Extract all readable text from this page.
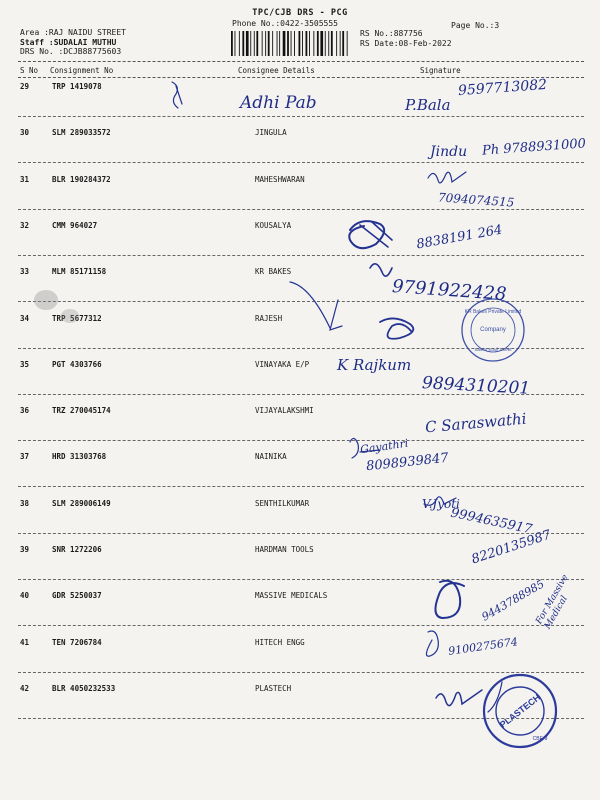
TPC/CJB DRS - PCG
Phone No.:0422-3505555	Page No.:3
Area :RAJ NAIDU STREET
Staff :SUDALAI MUTHU
DRS No. :DCJB88775603
RS No.:887756
RS Date:08-Feb-2022
S No Consignment No	Consignee Details	Signature
29	TRP 1419078
30	SLM 289033572	JINGULA
31	BLR 190284372	MAHESHWARAN
32	CMM 964027	KOUSALYA
33	MLM 85171158	KR BAKES
34	TRP 5677312	RAJESH
35	PGT 4303766	VINAYAKA E/P
36	TRZ 270045174	VIJAYALAKSHMI
37	HRD 31303768	NAINIKA
38	SLM 289006149	SENTHILKUMAR
39	SNR 1272206	HARDMAN TOOLS
40	GDR 5250037	MASSIVE MEDICALS
41	TEN 7206784	HITECH ENGG
42	BLR 4050232533	PLASTECH
KR Bakes Private Limited
Company
Salem Kovil Street
PLASTECH
CBE-9
Adhi Pab	P.Bala
9597713082
Jindu Ph 9788931000
7094074515
8838191 264
9791922428
K Rajkum
9894310201
C Saraswathi
Gayathri
8098939847
V.Jyoti
9994635917
8220135987
9443788985
For Massive Medical
9100275674
